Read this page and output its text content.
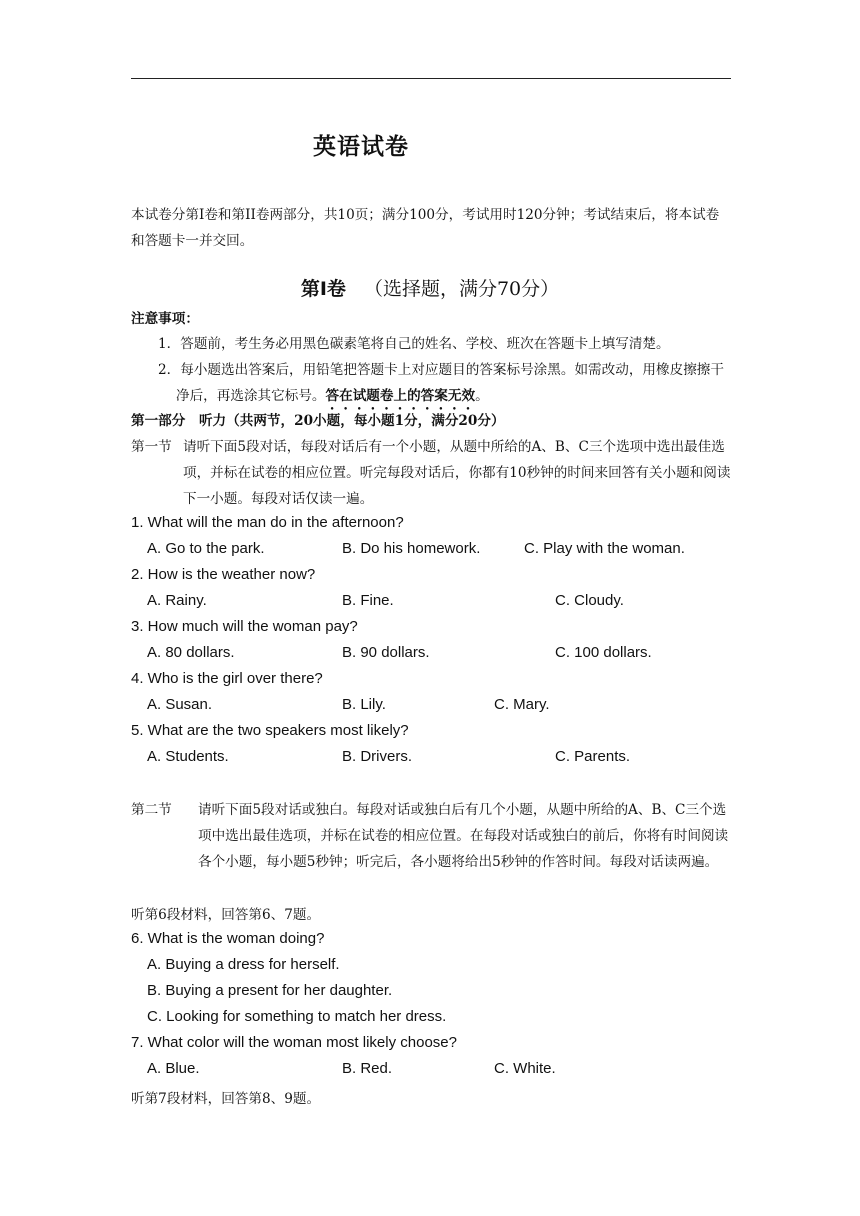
英语试卷
本试卷分第Ⅰ卷和第II卷两部分，共10页；满分100分，考试用时120分钟；考试结束后，将本试卷和答题卡一并交回。
第Ⅰ卷 （选择题，满分70分）
注意事项：
1．答题前，考生务必用黑色碳素笔将自己的姓名、学校、班次在答题卡上填写清楚。
2．每小题选出答案后，用铅笔把答题卡上对应题目的答案标号涂黑。如需改动，用橡皮擦擦干净后，再选涂其它标号。答在试题卷上的答案无效。
第一部分　听力（共两节，20小题，每小题1分，满分20分）
第一节 请听下面5段对话，每段对话后有一个小题，从题中所给的A、B、C三个选项中选出最佳选项，并标在试卷的相应位置。听完每段对话后，你都有10秒钟的时间来回答有关小题和阅读下一小题。每段对话仅读一遍。
1. What will the man do in the afternoon?
A. Go to the park.	B. Do his homework.	C. Play with the woman.
2. How is the weather now?
A. Rainy.	B. Fine.	C. Cloudy.
3. How much will the woman pay?
A. 80 dollars.	B. 90 dollars.	C. 100 dollars.
4. Who is the girl over there?
A. Susan.	B. Lily.	C. Mary.
5. What are the two speakers most likely?
A. Students.	B. Drivers.	C. Parents.
第二节 请听下面5段对话或独白。每段对话或独白后有几个小题，从题中所给的A、B、C三个选项中选出最佳选项，并标在试卷的相应位置。在每段对话或独白的前后，你将有时间阅读各个小题，每小题5秒钟；听完后，各小题将给出5秒钟的作答时间。每段对话读两遍。
听第6段材料，回答第6、7题。
6. What is the woman doing?
A. Buying a dress for herself.
B. Buying a present for her daughter.
C. Looking for something to match her dress.
7. What color will the woman most likely choose?
A. Blue.	B. Red.	C. White.
听第7段材料，回答第8、9题。
